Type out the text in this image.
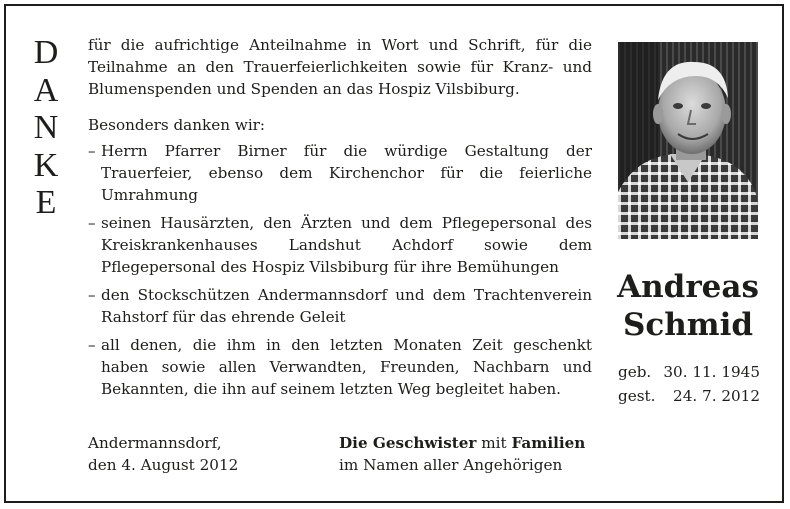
D
A
N
K
E

für die aufrichtige Anteilnahme in Wort und Schrift, für die Teilnahme an den Trauerfeierlichkeiten sowie für Kranz- und Blumenspenden und Spenden an das Hospiz Vilsbiburg.

Besonders danken wir:

– Herrn Pfarrer Birner für die würdige Gestaltung der Trauerfeier, ebenso dem Kirchenchor für die feierliche Umrahmung
– seinen Hausärzten, den Ärzten und dem Pflegepersonal des Kreiskrankenhauses Landshut Achdorf sowie dem Pflegepersonal des Hospiz Vilsbiburg für ihre Bemühungen
– den Stockschützen Andermannsdorf und dem Trachtenverein Rahstorf für das ehrende Geleit
– all denen, die ihm in den letzten Monaten Zeit geschenkt haben sowie allen Verwandten, Freunden, Nachbarn und Bekannten, die ihn auf seinem letzten Weg begleitet haben.
Andreas
Schmid
geb. 30. 11. 1945
gest. 24. 7. 2012
Andermannsdorf,
den 4. August 2012
Die Geschwister mit Familien
im Namen aller Angehörigen
